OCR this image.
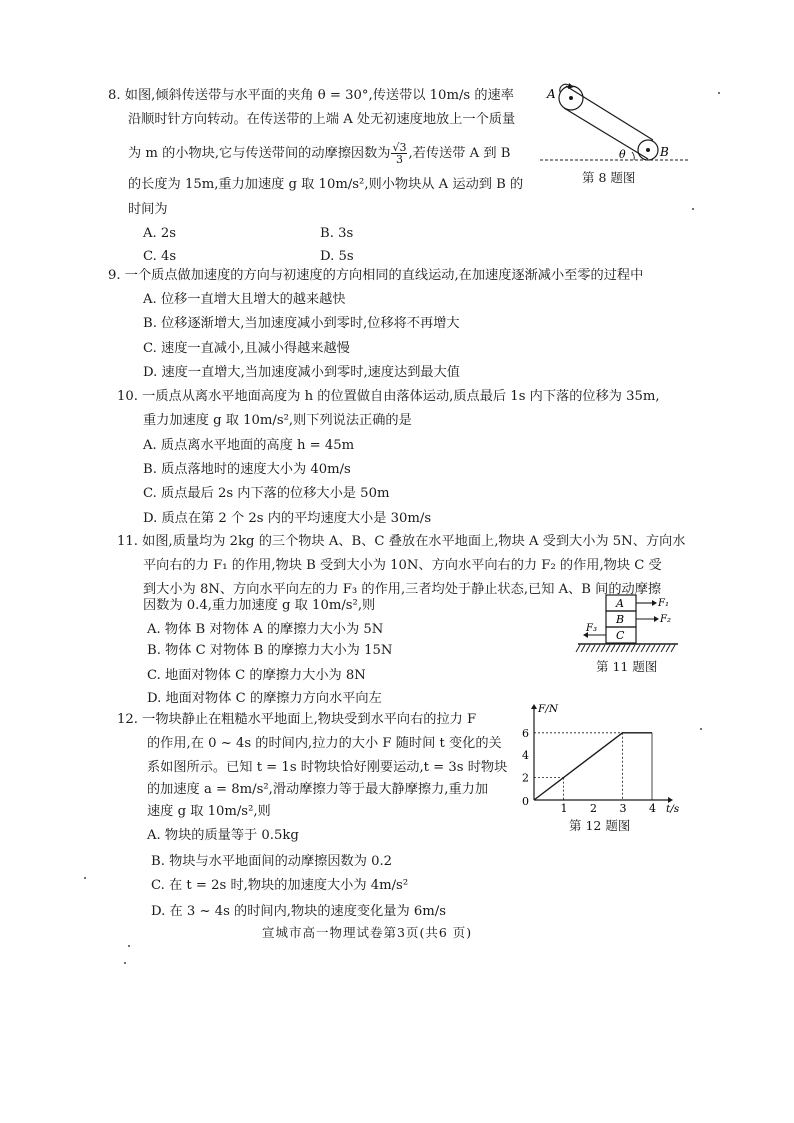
8. 如图,倾斜传送带与水平面的夹角 θ = 30°,传送带以 10m/s 的速率
沿顺时针方向转动。在传送带的上端 A 处无初速度地放上一个质量
为 m 的小物块,它与传送带间的动摩擦因数为 $\frac{√3}{3}$ ,若传送带 A 到 B
的长度为 15m,重力加速度 g 取 10m/s²,则小物块从 A 运动到 B 的
时间为
A. 2s	B. 3s
C. 4s	D. 5s
A
B
θ
第 8 题图
9. 一个质点做加速度的方向与初速度的方向相同的直线运动,在加速度逐渐减小至零的过程中
A. 位移一直增大且增大的越来越快
B. 位移逐渐增大,当加速度减小到零时,位移将不再增大
C. 速度一直减小,且减小得越来越慢
D. 速度一直增大,当加速度减小到零时,速度达到最大值
10. 一质点从离水平地面高度为 h 的位置做自由落体运动,质点最后 1s 内下落的位移为 35m,
重力加速度 g 取 10m/s²,则下列说法正确的是
A. 质点离水平地面的高度 h = 45m
B. 质点落地时的速度大小为 40m/s
C. 质点最后 2s 内下落的位移大小是 50m
D. 质点在第 2 个 2s 内的平均速度大小是 30m/s
11. 如图,质量均为 2kg 的三个物块 A、B、C 叠放在水平地面上,物块 A 受到大小为 5N、方向水
平向右的力 F₁ 的作用,物块 B 受到大小为 10N、方向水平向右的力 F₂ 的作用,物块 C 受
到大小为 8N、方向水平向左的力 F₃ 的作用,三者均处于静止状态,已知 A、B 间的动摩擦
因数为 0.4,重力加速度 g 取 10m/s²,则
A. 物体 B 对物体 A 的摩擦力大小为 5N
B. 物体 C 对物体 B 的摩擦力大小为 15N
C. 地面对物体 C 的摩擦力大小为 8N
D. 地面对物体 C 的摩擦力方向水平向左
A
B
C
F₁
F₂
F₃
第 11 题图
12. 一物块静止在粗糙水平地面上,物块受到水平向右的拉力 F
的作用,在 0 ~ 4s 的时间内,拉力的大小 F 随时间 t 变化的关
系如图所示。已知 t = 1s 时物块恰好刚要运动,t = 3s 时物块
的加速度 a = 8m/s²,滑动摩擦力等于最大静摩擦力,重力加
速度 g 取 10m/s²,则
A. 物块的质量等于 0.5kg
B. 物块与水平地面间的动摩擦因数为 0.2
C. 在 t = 2s 时,物块的加速度大小为 4m/s²
D. 在 3 ~ 4s 的时间内,物块的速度变化量为 6m/s
1 2 3 4
2
4
6
0
F/N
t/s
第 12 题图
宣城市高一物理试卷第3页(共6 页)
